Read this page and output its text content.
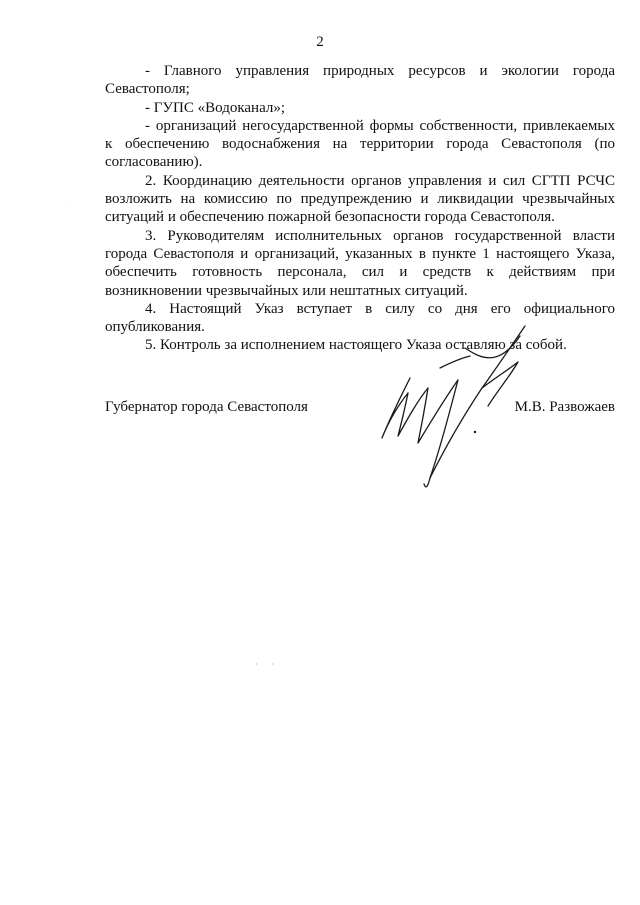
2

- Главного управления природных ресурсов и экологии города Севастополя;

- ГУПС «Водоканал»;

- организаций негосударственной формы собственности, привлекаемых к обеспечению водоснабжения на территории города Севастополя (по согласованию).

2. Координацию деятельности органов управления и сил СГТП РСЧС возложить на комиссию по предупреждению и ликвидации чрезвычайных ситуаций и обеспечению пожарной безопасности города Севастополя.

3. Руководителям исполнительных органов государственной власти города Севастополя и организаций, указанных в пункте 1 настоящего Указа, обеспечить готовность персонала, сил и средств к действиям при возникновении чрезвычайных или нештатных ситуаций.

4. Настоящий Указ вступает в силу со дня его официального опубликования.

5. Контроль за исполнением настоящего Указа оставляю за собой.

Губернатор города Севастополя	М.В. Развожаев
·
· ·
